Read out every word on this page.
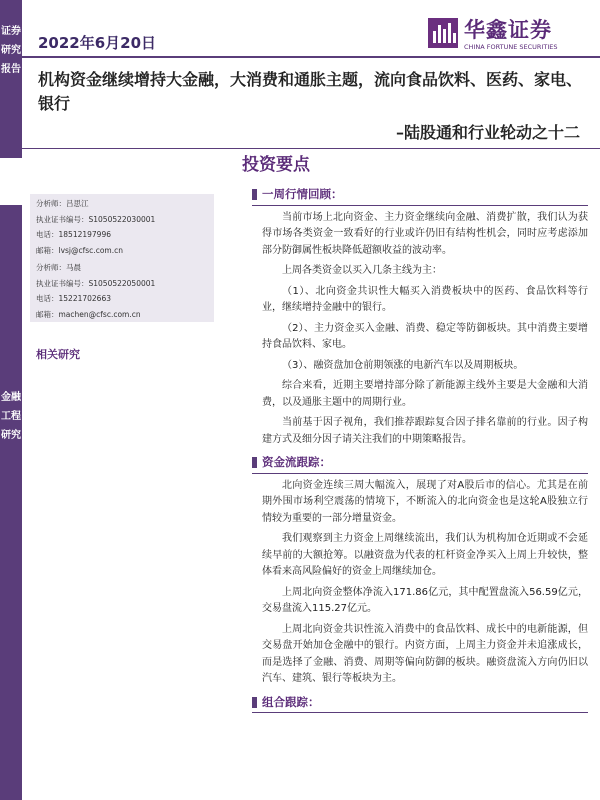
证券研究报告
金融工程研究
2022年6月20日
华鑫证券
CHINA FORTUNE SECURITIES
机构资金继续增持大金融，大消费和通胀主题，流向食品饮料、医药、家电、银行
–陆股通和行业轮动之十二
投资要点
分析师：吕思江
执业证书编号：S1050522030001
电话：18512197996
邮箱：lvsj@cfsc.com.cn
分析师：马晨
执业证书编号：S1050522050001
电话：15221702663
邮箱：machen@cfsc.com.cn
相关研究
一周行情回顾：

当前市场上北向资金、主力资金继续向金融、消费扩散，我们认为获得市场各类资金一致看好的行业或许仍旧有结构性机会，同时应考虑添加部分防御属性板块降低超额收益的波动率。

上周各类资金以买入几条主线为主：

（1）、北向资金共识性大幅买入消费板块中的医药、食品饮料等行业，继续增持金融中的银行。

（2）、主力资金买入金融、消费、稳定等防御板块。其中消费主要增持食品饮料、家电。

（3）、融资盘加仓前期领涨的电新汽车以及周期板块。

综合来看，近期主要增持部分除了新能源主线外主要是大金融和大消费，以及通胀主题中的周期行业。

当前基于因子视角，我们推荐跟踪复合因子排名靠前的行业。因子构建方式及细分因子请关注我们的中期策略报告。

资金流跟踪：

北向资金连续三周大幅流入，展现了对A股后市的信心。尤其是在前期外围市场利空震荡的情境下，不断流入的北向资金也是这轮A股独立行情较为重要的一部分增量资金。

我们观察到主力资金上周继续流出，我们认为机构加仓近期或不会延续早前的大额抢筹。以融资盘为代表的杠杆资金净买入上周上升较快，整体看来高风险偏好的资金上周继续加仓。

上周北向资金整体净流入171.86亿元，其中配置盘流入56.59亿元，交易盘流入115.27亿元。

上周北向资金共识性流入消费中的食品饮料、成长中的电新能源，但交易盘开始加仓金融中的银行。内资方面，上周主力资金并未追涨成长，而是选择了金融、消费、周期等偏向防御的板块。融资盘流入方向仍旧以汽车、建筑、银行等板块为主。

组合跟踪：
